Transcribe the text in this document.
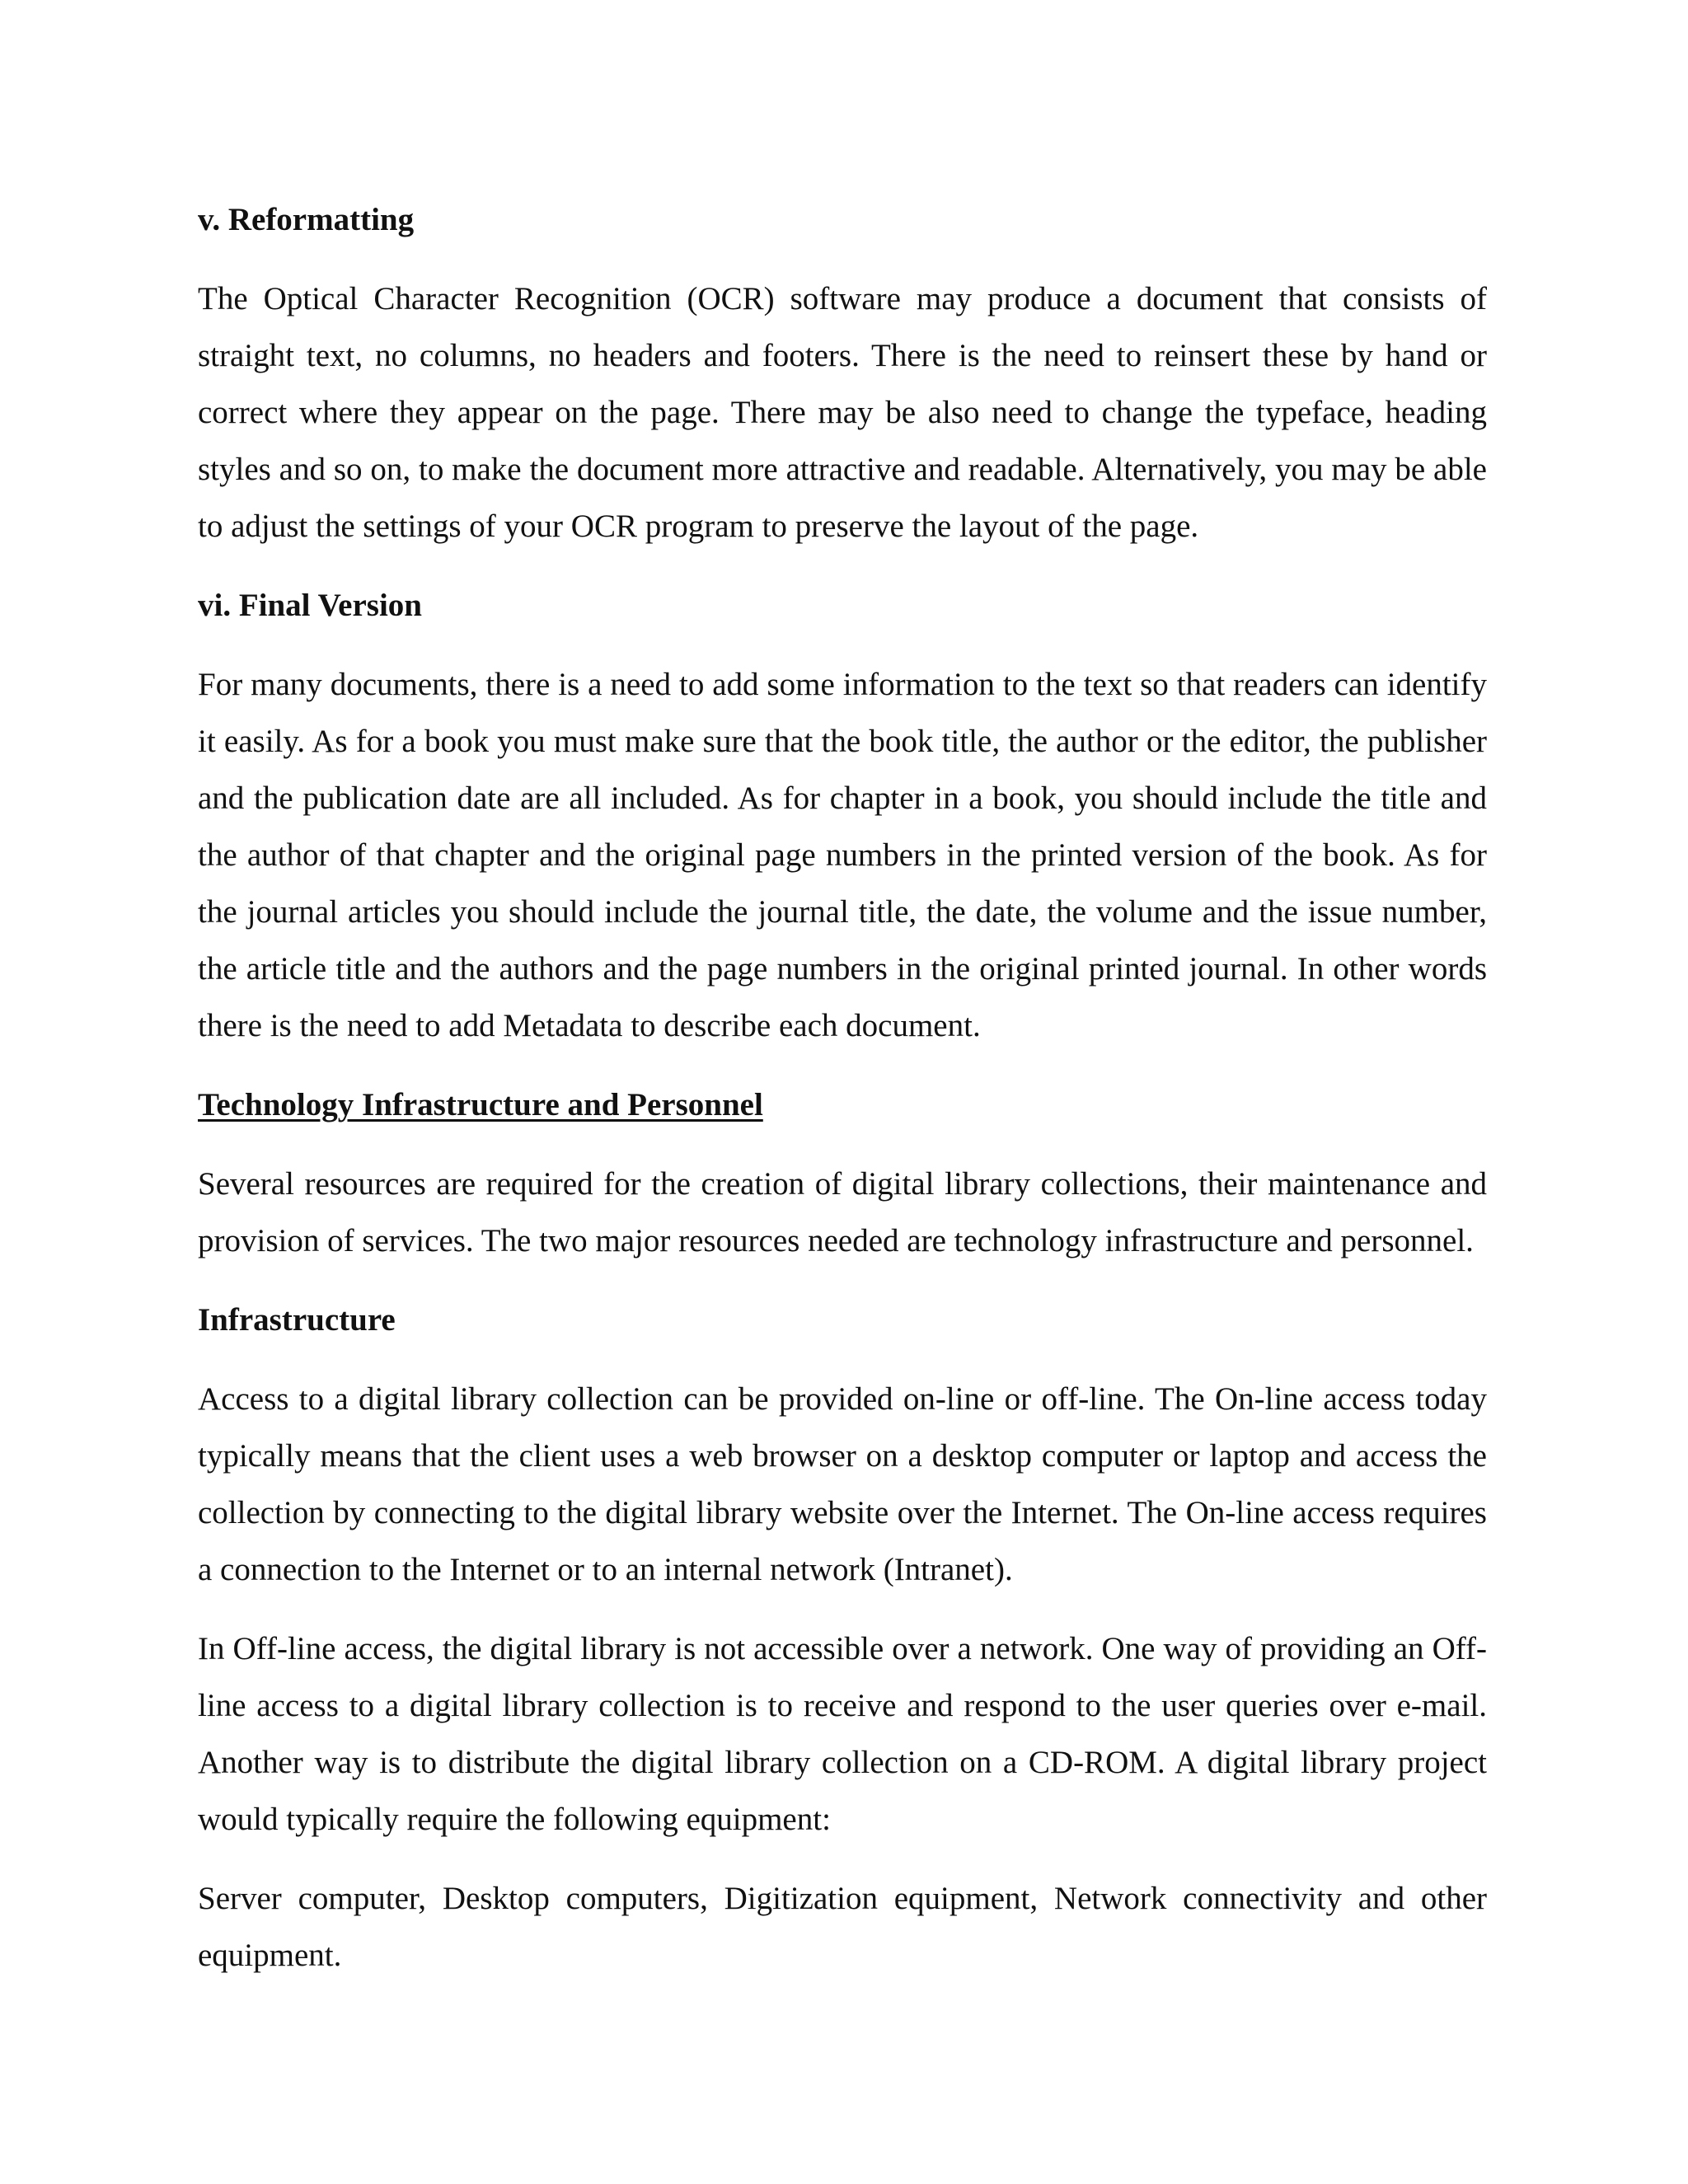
v. Reformatting

The Optical Character Recognition (OCR) software may produce a document that consists of straight text, no columns, no headers and footers. There is the need to reinsert these by hand or correct where they appear on the page. There may be also need to change the typeface, heading styles and so on, to make the document more attractive and readable. Alternatively, you may be able to adjust the settings of your OCR program to preserve the layout of the page.

vi. Final Version

For many documents, there is a need to add some information to the text so that readers can identify it easily. As for a book you must make sure that the book title, the author or the editor, the publisher and the publication date are all included. As for chapter in a book, you should include the title and the author of that chapter and the original page numbers in the printed version of the book. As for the journal articles you should include the journal title, the date, the volume and the issue number, the article title and the authors and the page numbers in the original printed journal. In other words there is the need to add Metadata to describe each document.

Technology Infrastructure and Personnel

Several resources are required for the creation of digital library collections, their maintenance and provision of services. The two major resources needed are technology infrastructure and personnel.

Infrastructure

Access to a digital library collection can be provided on-line or off-line. The On-line access today typically means that the client uses a web browser on a desktop computer or laptop and access the collection by connecting to the digital library website over the Internet. The On-line access requires a connection to the Internet or to an internal network (Intranet).

In Off-line access, the digital library is not accessible over a network. One way of providing an Off-line access to a digital library collection is to receive and respond to the user queries over e-mail. Another way is to distribute the digital library collection on a CD-ROM. A digital library project would typically require the following equipment:

Server computer, Desktop computers, Digitization equipment, Network connectivity and other equipment.
